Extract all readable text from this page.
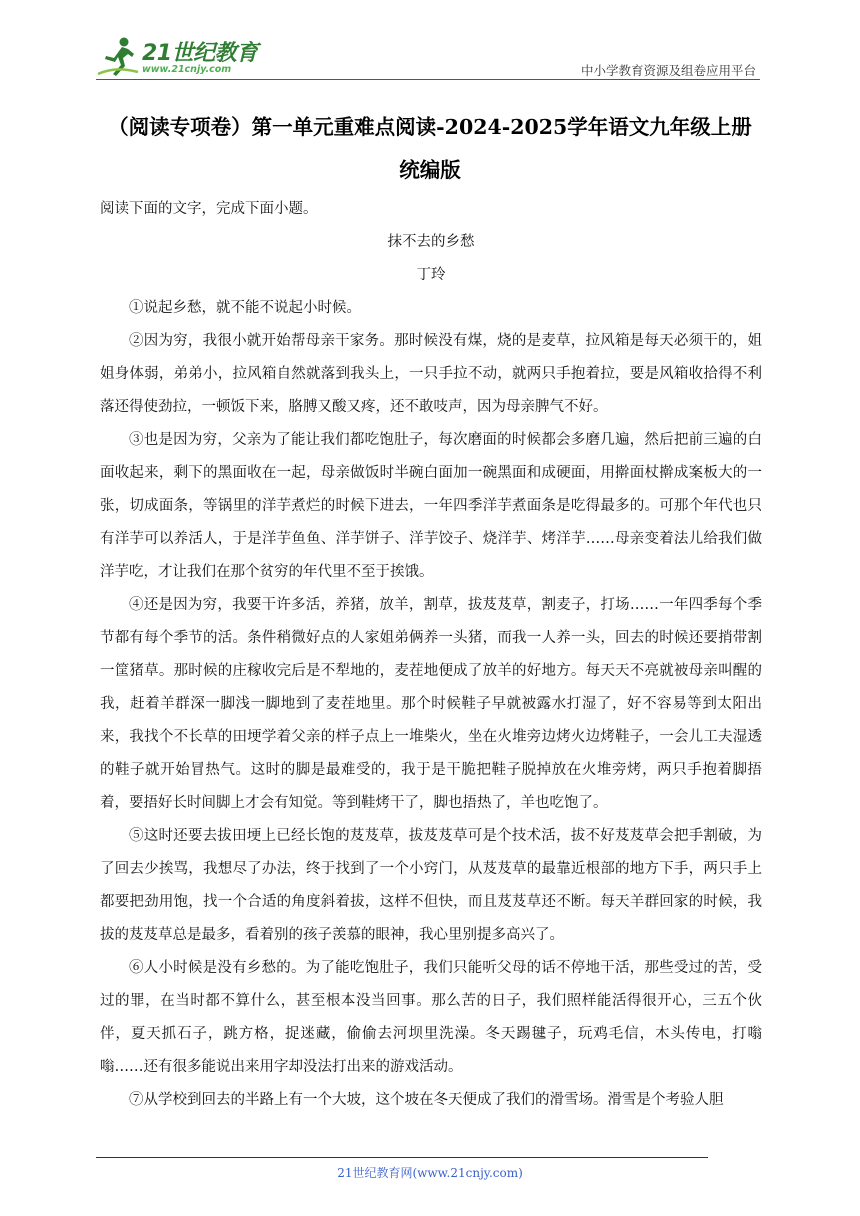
21世纪教育
www.21cnjy.com	中小学教育资源及组卷应用平台
（阅读专项卷）第一单元重难点阅读-2024-2025学年语文九年级上册
统编版
阅读下面的文字，完成下面小题。
抹不去的乡愁
丁玲

①说起乡愁，就不能不说起小时候。

②因为穷，我很小就开始帮母亲干家务。那时候没有煤，烧的是麦草，拉风箱是每天必须干的，姐姐身体弱，弟弟小，拉风箱自然就落到我头上，一只手拉不动，就两只手抱着拉，要是风箱收拾得不利落还得使劲拉，一顿饭下来，胳膊又酸又疼，还不敢吱声，因为母亲脾气不好。

③也是因为穷，父亲为了能让我们都吃饱肚子，每次磨面的时候都会多磨几遍，然后把前三遍的白面收起来，剩下的黑面收在一起，母亲做饭时半碗白面加一碗黑面和成硬面，用擀面杖擀成案板大的一张，切成面条，等锅里的洋芋煮烂的时候下进去，一年四季洋芋煮面条是吃得最多的。可那个年代也只有洋芋可以养活人，于是洋芋鱼鱼、洋芋饼子、洋芋饺子、烧洋芋、烤洋芋……母亲变着法儿给我们做洋芋吃，才让我们在那个贫穷的年代里不至于挨饿。

④还是因为穷，我要干许多活，养猪，放羊，割草，拔芨芨草，割麦子，打场……一年四季每个季节都有每个季节的活。条件稍微好点的人家姐弟俩养一头猪，而我一人养一头，回去的时候还要捎带割一筐猪草。那时候的庄稼收完后是不犁地的，麦茬地便成了放羊的好地方。每天天不亮就被母亲叫醒的我，赶着羊群深一脚浅一脚地到了麦茬地里。那个时候鞋子早就被露水打湿了，好不容易等到太阳出来，我找个不长草的田埂学着父亲的样子点上一堆柴火，坐在火堆旁边烤火边烤鞋子，一会儿工夫湿透的鞋子就开始冒热气。这时的脚是最难受的，我于是干脆把鞋子脱掉放在火堆旁烤，两只手抱着脚捂着，要捂好长时间脚上才会有知觉。等到鞋烤干了，脚也捂热了，羊也吃饱了。

⑤这时还要去拔田埂上已经长饱的芨芨草，拔芨芨草可是个技术活，拔不好芨芨草会把手割破，为了回去少挨骂，我想尽了办法，终于找到了一个小窍门，从芨芨草的最靠近根部的地方下手，两只手上都要把劲用饱，找一个合适的角度斜着拔，这样不但快，而且芨芨草还不断。每天羊群回家的时候，我拔的芨芨草总是最多，看着别的孩子羡慕的眼神，我心里别提多高兴了。

⑥人小时候是没有乡愁的。为了能吃饱肚子，我们只能听父母的话不停地干活，那些受过的苦，受过的罪，在当时都不算什么，甚至根本没当回事。那么苦的日子，我们照样能活得很开心，三五个伙伴，夏天抓石子，跳方格，捉迷藏，偷偷去河坝里洗澡。冬天踢毽子，玩鸡毛信，木头传电，打嗡嗡……还有很多能说出来用字却没法打出来的游戏活动。

⑦从学校到回去的半路上有一个大坡，这个坡在冬天便成了我们的滑雪场。滑雪是个考验人胆

21世纪教育网(www.21cnjy.com)
